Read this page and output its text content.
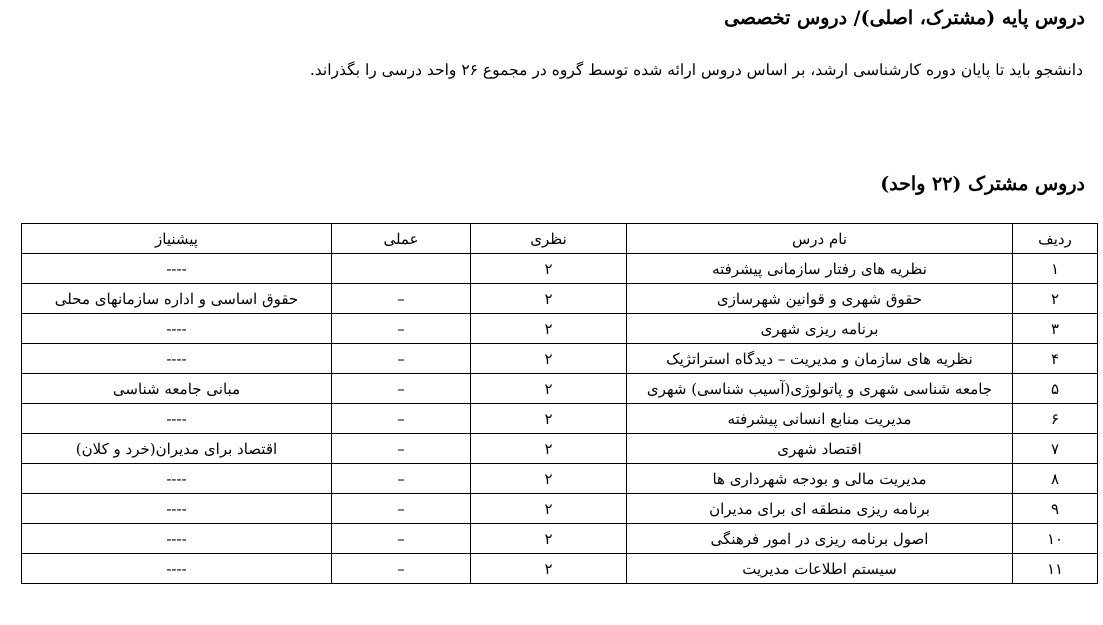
دروس پایه (مشترک، اصلی)/ دروس تخصصی

دانشجو باید تا پایان دوره کارشناسی ارشد، بر اساس دروس ارائه شده توسط گروه در مجموع ۲۶ واحد درسی را بگذراند.

دروس مشترک (۲۲ واحد)
ردیف	نام درس	نظری	عملی	پیشنیاز
۱	نظریه های رفتار سازمانی پیشرفته	۲		----
۲	حقوق شهری و قوانین شهرسازی	۲	–	حقوق اساسی و اداره سازمانهای محلی
۳	برنامه ریزی شهری	۲	–	----
۴	نظریه های سازمان و مدیریت – دیدگاه استراتژیک	۲	–	----
۵	جامعه شناسی شهری و پاتولوژی(آسیب شناسی) شهری	۲	–	مبانی جامعه شناسی
۶	مدیریت منابع انسانی پیشرفته	۲	–	----
۷	اقتصاد شهری	۲	–	اقتصاد برای مدیران(خرد و کلان)
۸	مدیریت مالی و بودجه شهرداری ها	۲	–	----
۹	برنامه ریزی منطقه ای برای مدیران	۲	–	----
۱۰	اصول برنامه ریزی در امور فرهنگی	۲	–	----
۱۱	سیستم اطلاعات مدیریت	۲	–	----
